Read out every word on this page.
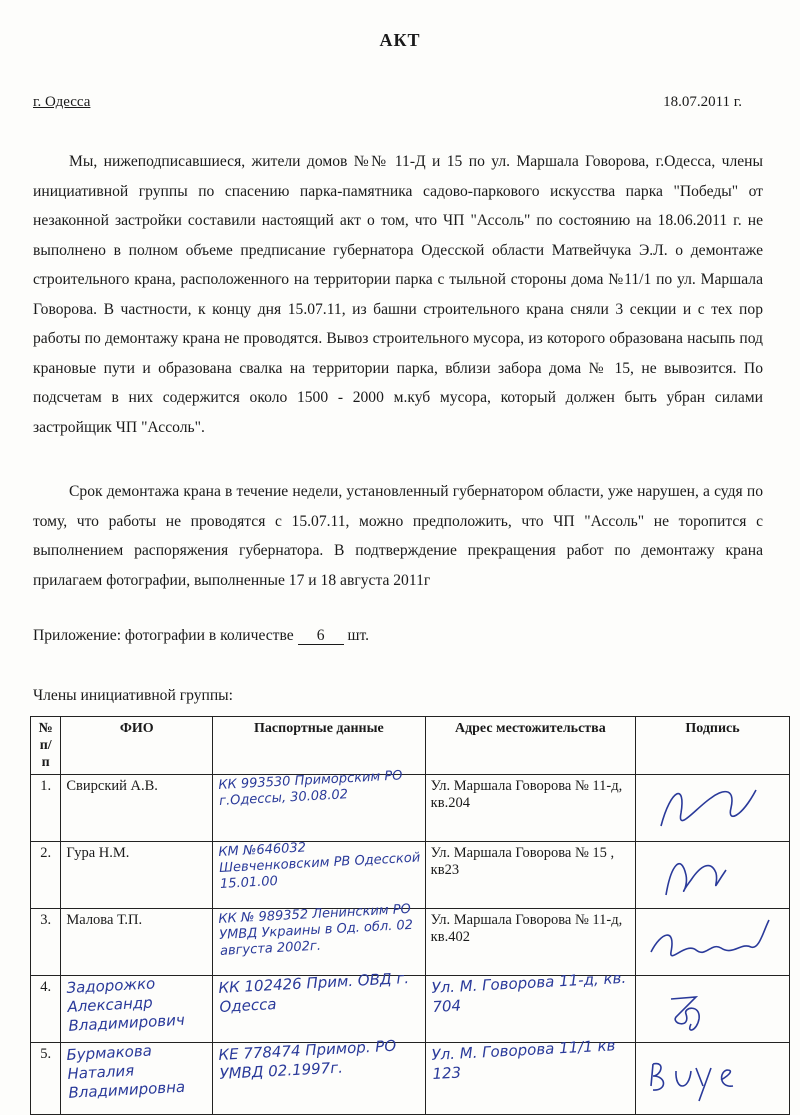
АКТ
г. Одесса	18.07.2011 г.

Мы, нижеподписавшиеся, жители домов №№ 11-Д и 15 по ул. Маршала Говорова, г.Одесса, члены инициативной группы по спасению парка-памятника садово-паркового искусства парка "Победы" от незаконной застройки составили настоящий акт о том, что ЧП "Ассоль" по состоянию на 18.06.2011 г. не выполнено в полном объеме предписание губернатора Одесской области Матвейчука Э.Л. о демонтаже строительного крана, расположенного на территории парка с тыльной стороны дома №11/1 по ул. Маршала Говорова. В частности, к концу дня 15.07.11, из башни строительного крана сняли 3 секции и с тех пор работы по демонтажу крана не проводятся. Вывоз строительного мусора, из которого образована насыпь под крановые пути и образована свалка на территории парка, вблизи забора дома № 15, не вывозится. По подсчетам в них содержится около 1500 - 2000 м.куб мусора, который должен быть убран силами застройщик ЧП "Ассоль".

Срок демонтажа крана в течение недели, установленный губернатором области, уже нарушен, а судя по тому, что работы не проводятся с 15.07.11, можно предположить, что ЧП "Ассоль" не торопится с выполнением распоряжения губернатора. В подтверждение прекращения работ по демонтажу крана прилагаем фотографии, выполненные 17 и 18 августа 2011г

Приложение: фотографии в количестве 6 шт.
Члены инициативной группы:
№ п/п	ФИО	Паспортные данные	Адрес местожительства	Подпись
1.	Свирский А.В.	КК 993530 Приморским РО г.Одессы, 30.08.02	Ул. Маршала Говорова № 11-д, кв.204	

2.	Гура Н.М.	КМ №646032 Шевченковским РВ Одесской 15.01.00	Ул. Маршала Говорова № 15 , кв23	

3.	Малова Т.П.	КК № 989352 Ленинским РО УМВД Украины в Од. обл. 02 августа 2002г.	Ул. Маршала Говорова № 11-д, кв.402	

4.	Задорожко Александр Владимирович	КК 102426 Прим. ОВД г. Одесса	Ул. М. Говорова 11-д, кв. 704

5.	Бурмакова Наталия Владимировна	КЕ 778474 Примор. РО УМВД 02.1997г.	Ул. М. Говорова 11/1 кв 123
